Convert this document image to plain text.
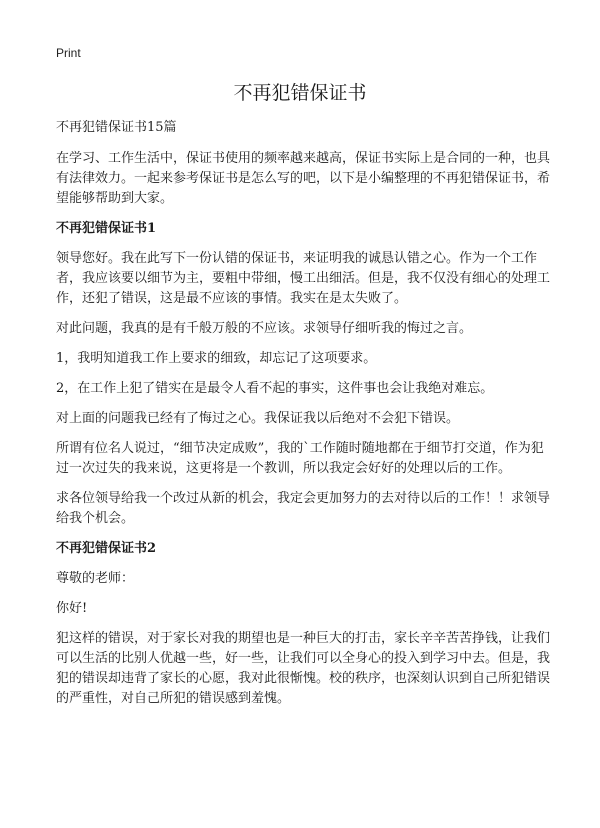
Print
不再犯错保证书

不再犯错保证书15篇

在学习、工作生活中，保证书使用的频率越来越高，保证书实际上是合同的一种，也具有法律效力。一起来参考保证书是怎么写的吧，以下是小编整理的不再犯错保证书，希望能够帮助到大家。

不再犯错保证书1

领导您好。我在此写下一份认错的保证书，来证明我的诚恳认错之心。作为一个工作者，我应该要以细节为主，要粗中带细，慢工出细活。但是，我不仅没有细心的处理工作，还犯了错误，这是最不应该的事情。我实在是太失败了。

对此问题，我真的是有千般万般的不应该。求领导仔细听我的悔过之言。

1，我明知道我工作上要求的细致，却忘记了这项要求。

2，在工作上犯了错实在是最令人看不起的事实，这件事也会让我绝对难忘。

对上面的问题我已经有了悔过之心。我保证我以后绝对不会犯下错误。

所谓有位名人说过，“细节决定成败”，我的`工作随时随地都在于细节打交道，作为犯过一次过失的我来说，这更将是一个教训，所以我定会好好的处理以后的工作。

求各位领导给我一个改过从新的机会，我定会更加努力的去对待以后的工作！！求领导给我个机会。

不再犯错保证书2

尊敬的老师：

你好!

犯这样的错误，对于家长对我的期望也是一种巨大的打击，家长辛辛苦苦挣钱，让我们可以生活的比别人优越一些，好一些，让我们可以全身心的投入到学习中去。但是，我犯的错误却违背了家长的心愿，我对此很惭愧。校的秩序，也深刻认识到自己所犯错误的严重性，对自己所犯的错误感到羞愧。
